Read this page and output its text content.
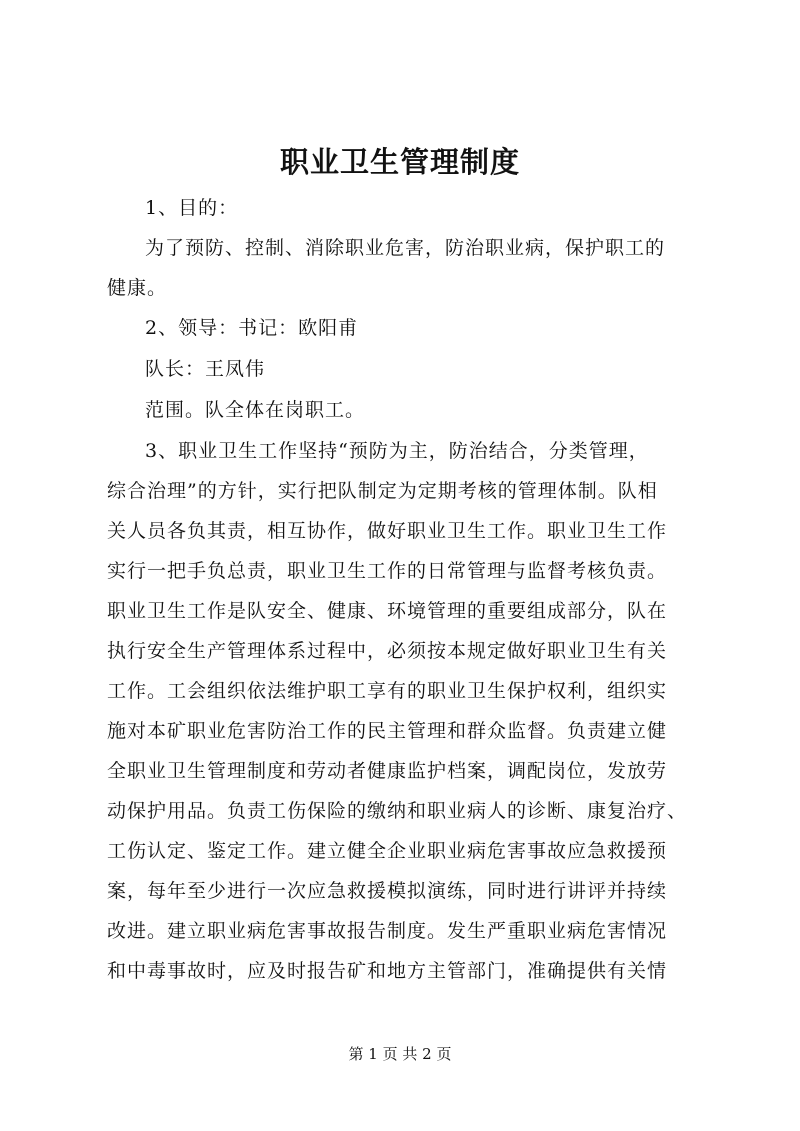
职业卫生管理制度
1、目的：
为了预防、控制、消除职业危害，防治职业病，保护职工的
健康。
2、领导：书记：欧阳甫
队长：王凤伟
范围。队全体在岗职工。
3、职业卫生工作坚持“预防为主，防治结合，分类管理，
综合治理”的方针，实行把队制定为定期考核的管理体制。队相
关人员各负其责，相互协作，做好职业卫生工作。职业卫生工作
实行一把手负总责，职业卫生工作的日常管理与监督考核负责。
职业卫生工作是队安全、健康、环境管理的重要组成部分，队在
执行安全生产管理体系过程中，必须按本规定做好职业卫生有关
工作。工会组织依法维护职工享有的职业卫生保护权利，组织实
施对本矿职业危害防治工作的民主管理和群众监督。负责建立健
全职业卫生管理制度和劳动者健康监护档案，调配岗位，发放劳
动保护用品。负责工伤保险的缴纳和职业病人的诊断、康复治疗、
工伤认定、鉴定工作。建立健全企业职业病危害事故应急救援预
案，每年至少进行一次应急救援模拟演练，同时进行讲评并持续
改进。建立职业病危害事故报告制度。发生严重职业病危害情况
和中毒事故时，应及时报告矿和地方主管部门，准确提供有关情
第 1 页 共 2 页
